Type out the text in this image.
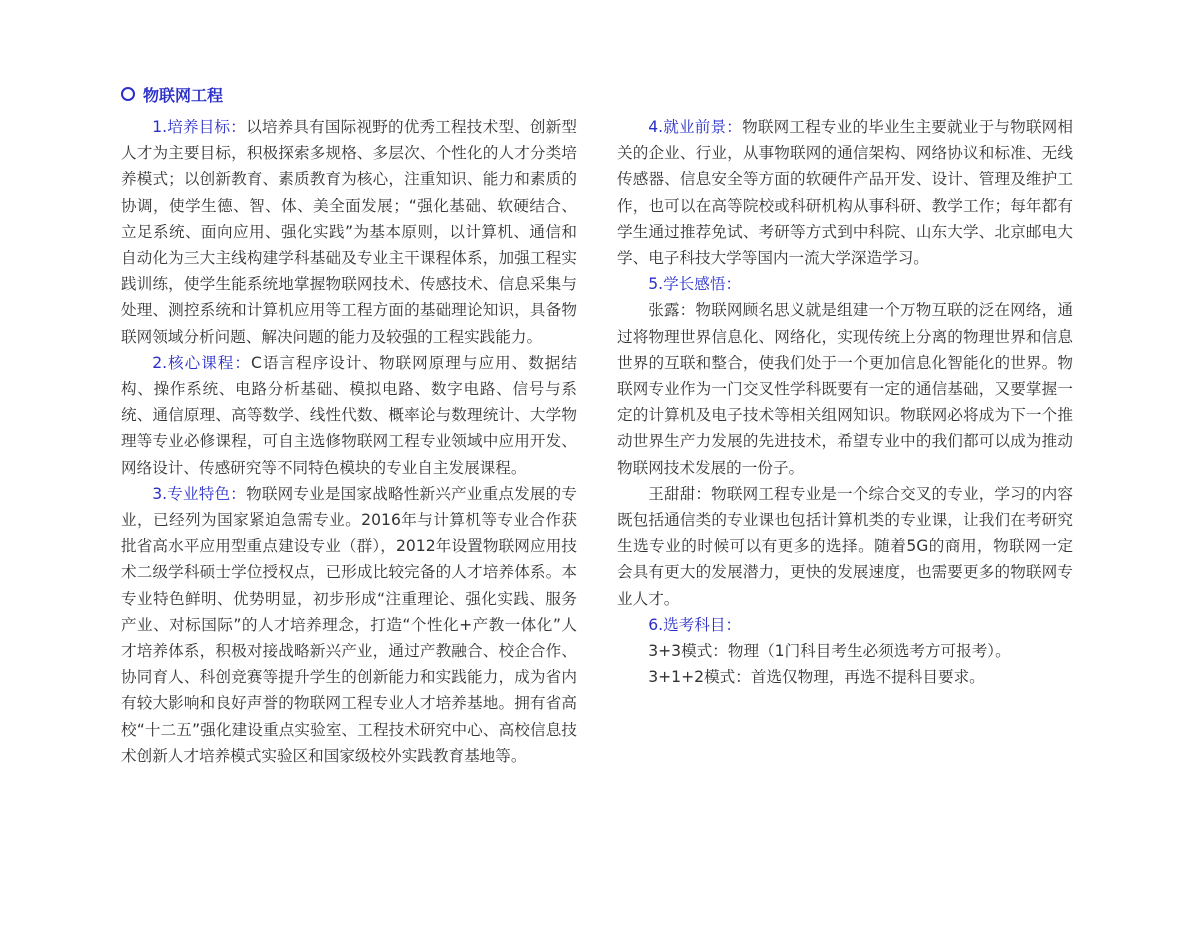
物联网工程

1.培养目标：以培养具有国际视野的优秀工程技术型、创新型人才为主要目标，积极探索多规格、多层次、个性化的人才分类培养模式；以创新教育、素质教育为核心，注重知识、能力和素质的协调，使学生德、智、体、美全面发展；“强化基础、软硬结合、立足系统、面向应用、强化实践”为基本原则，以计算机、通信和自动化为三大主线构建学科基础及专业主干课程体系，加强工程实践训练，使学生能系统地掌握物联网技术、传感技术、信息采集与处理、测控系统和计算机应用等工程方面的基础理论知识，具备物联网领域分析问题、解决问题的能力及较强的工程实践能力。

2.核心课程：C语言程序设计、物联网原理与应用、数据结构、操作系统、电路分析基础、模拟电路、数字电路、信号与系统、通信原理、高等数学、线性代数、概率论与数理统计、大学物理等专业必修课程，可自主选修物联网工程专业领域中应用开发、网络设计、传感研究等不同特色模块的专业自主发展课程。

3.专业特色：物联网专业是国家战略性新兴产业重点发展的专业，已经列为国家紧迫急需专业。2016年与计算机等专业合作获批省高水平应用型重点建设专业（群），2012年设置物联网应用技术二级学科硕士学位授权点，已形成比较完备的人才培养体系。本专业特色鲜明、优势明显，初步形成“注重理论、强化实践、服务产业、对标国际”的人才培养理念，打造“个性化+产教一体化”人才培养体系，积极对接战略新兴产业，通过产教融合、校企合作、协同育人、科创竞赛等提升学生的创新能力和实践能力，成为省内有较大影响和良好声誉的物联网工程专业人才培养基地。拥有省高校“十二五”强化建设重点实验室、工程技术研究中心、高校信息技术创新人才培养模式实验区和国家级校外实践教育基地等。

4.就业前景：物联网工程专业的毕业生主要就业于与物联网相关的企业、行业，从事物联网的通信架构、网络协议和标准、无线传感器、信息安全等方面的软硬件产品开发、设计、管理及维护工作，也可以在高等院校或科研机构从事科研、教学工作；每年都有学生通过推荐免试、考研等方式到中科院、山东大学、北京邮电大学、电子科技大学等国内一流大学深造学习。

5.学长感悟：

张露：物联网顾名思义就是组建一个万物互联的泛在网络，通过将物理世界信息化、网络化，实现传统上分离的物理世界和信息世界的互联和整合，使我们处于一个更加信息化智能化的世界。物联网专业作为一门交叉性学科既要有一定的通信基础，又要掌握一定的计算机及电子技术等相关组网知识。物联网必将成为下一个推动世界生产力发展的先进技术，希望专业中的我们都可以成为推动物联网技术发展的一份子。

王甜甜：物联网工程专业是一个综合交叉的专业，学习的内容既包括通信类的专业课也包括计算机类的专业课，让我们在考研究生选专业的时候可以有更多的选择。随着5G的商用，物联网一定会具有更大的发展潜力，更快的发展速度，也需要更多的物联网专业人才。

6.选考科目：

3+3模式：物理（1门科目考生必须选考方可报考）。

3+1+2模式：首选仅物理，再选不提科目要求。
